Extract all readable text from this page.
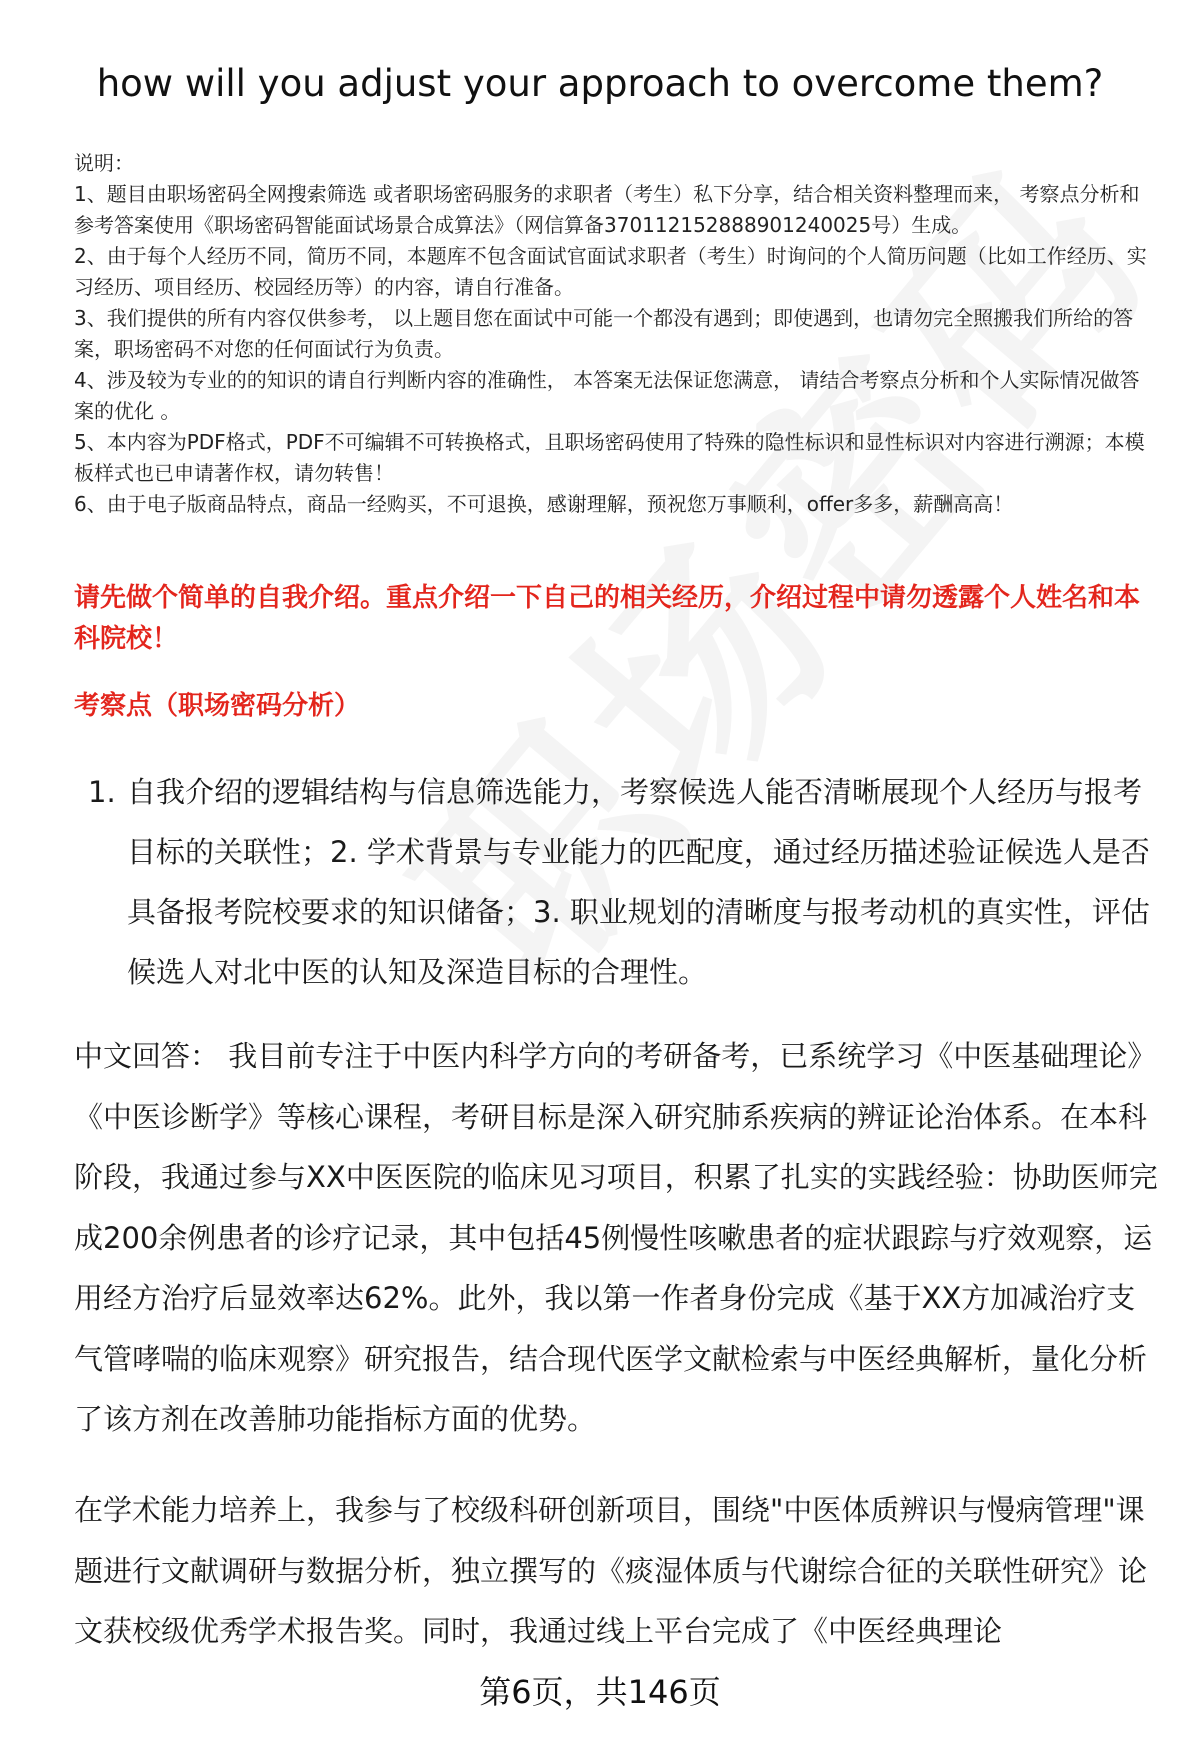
how will you adjust your approach to overcome them?

说明：

1、题目由职场密码全网搜索筛选 或者职场密码服务的求职者（考生）私下分享，结合相关资料整理而来， 考察点分析和参考答案使用《职场密码智能面试场景合成算法》（网信算备370112152888901240025号）生成。

2、由于每个人经历不同，简历不同，本题库不包含面试官面试求职者（考生）时询问的个人简历问题（比如工作经历、实习经历、项目经历、校园经历等）的内容，请自行准备。

3、我们提供的所有内容仅供参考， 以上题目您在面试中可能一个都没有遇到；即使遇到，也请勿完全照搬我们所给的答案，职场密码不对您的任何面试行为负责。

4、涉及较为专业的的知识的请自行判断内容的准确性， 本答案无法保证您满意， 请结合考察点分析和个人实际情况做答案的优化 。

5、本内容为PDF格式，PDF不可编辑不可转换格式，且职场密码使用了特殊的隐性标识和显性标识对内容进行溯源；本模板样式也已申请著作权，请勿转售！

6、由于电子版商品特点，商品一经购买，不可退换，感谢理解，预祝您万事顺利，offer多多，薪酬高高！

请先做个简单的自我介绍。重点介绍一下自己的相关经历，介绍过程中请勿透露个人姓名和本科院校！
考察点（职场密码分析）
1. 自我介绍的逻辑结构与信息筛选能力，考察候选人能否清晰展现个人经历与报考目标的关联性；2. 学术背景与专业能力的匹配度，通过经历描述验证候选人是否具备报考院校要求的知识储备；3. 职业规划的清晰度与报考动机的真实性，评估候选人对北中医的认知及深造目标的合理性。

中文回答： 我目前专注于中医内科学方向的考研备考，已系统学习《中医基础理论》《中医诊断学》等核心课程，考研目标是深入研究肺系疾病的辨证论治体系。在本科阶段，我通过参与XX中医医院的临床见习项目，积累了扎实的实践经验：协助医师完成200余例患者的诊疗记录，其中包括45例慢性咳嗽患者的症状跟踪与疗效观察，运用经方治疗后显效率达62%。此外，我以第一作者身份完成《基于XX方加减治疗支气管哮喘的临床观察》研究报告，结合现代医学文献检索与中医经典解析，量化分析了该方剂在改善肺功能指标方面的优势。

在学术能力培养上，我参与了校级科研创新项目，围绕"中医体质辨识与慢病管理"课题进行文献调研与数据分析，独立撰写的《痰湿体质与代谢综合征的关联性研究》论文获校级优秀学术报告奖。同时，我通过线上平台完成了《中医经典理论

第6页，共146页
